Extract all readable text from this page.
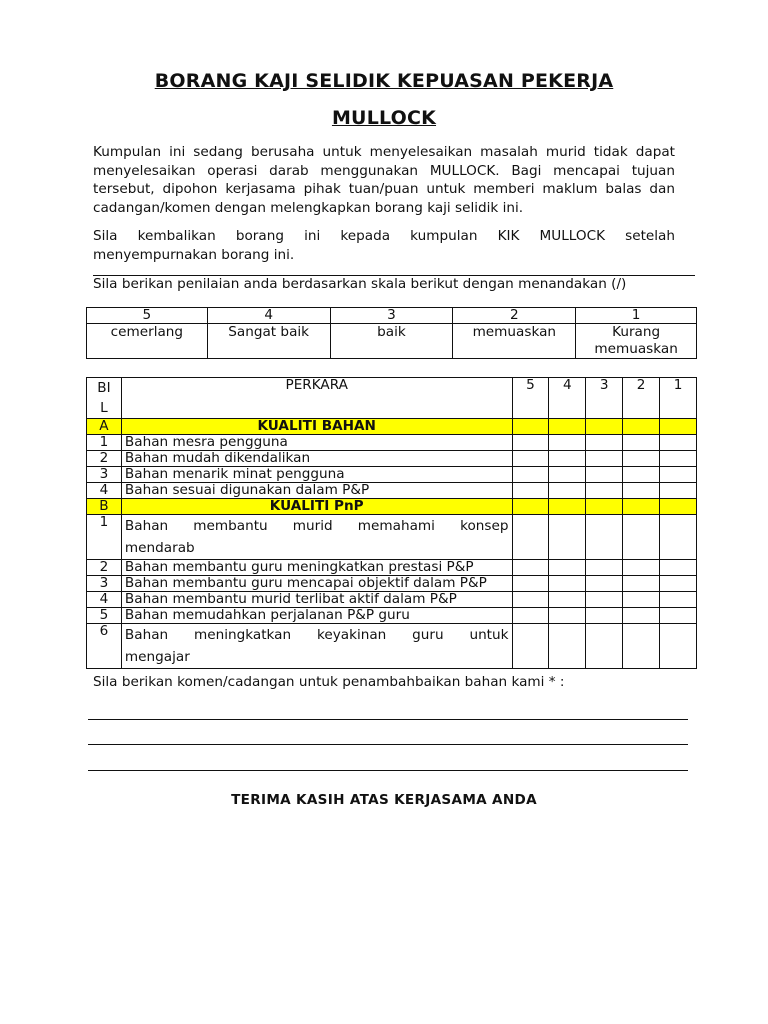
BORANG KAJI SELIDIK KEPUASAN PEKERJA
MULLOCK
Kumpulan ini sedang berusaha untuk menyelesaikan masalah murid tidak dapat menyelesaikan operasi darab menggunakan MULLOCK. Bagi mencapai tujuan tersebut, dipohon kerjasama pihak tuan/puan untuk memberi maklum balas dan cadangan/komen dengan melengkapkan borang kaji selidik ini.
Sila kembalikan borang ini kepada kumpulan KIK MULLOCK setelah menyempurnakan borang ini.
Sila berikan penilaian anda berdasarkan skala berikut dengan menandakan (/)
5	4	3	2	1
cemerlang	Sangat baik	baik	memuaskan	Kurang memuaskan
BIL	PERKARA	5	4	3	2	1
A	KUALITI BAHAN					
1	Bahan mesra pengguna					
2	Bahan mudah dikendalikan					
3	Bahan menarik minat pengguna					
4	Bahan sesuai digunakan dalam P&P					
B	KUALITI PnP					
1	Bahan membantu murid memahami konsep
mendarab					

2	Bahan membantu guru meningkatkan prestasi P&P					
3	Bahan membantu guru mencapai objektif dalam P&P					
4	Bahan membantu murid terlibat aktif dalam P&P					
5	Bahan memudahkan perjalanan P&P guru					
6	Bahan meningkatkan keyakinan guru untuk
mengajar					

Sila berikan komen/cadangan untuk penambahbaikan bahan kami * :
TERIMA KASIH ATAS KERJASAMA ANDA
